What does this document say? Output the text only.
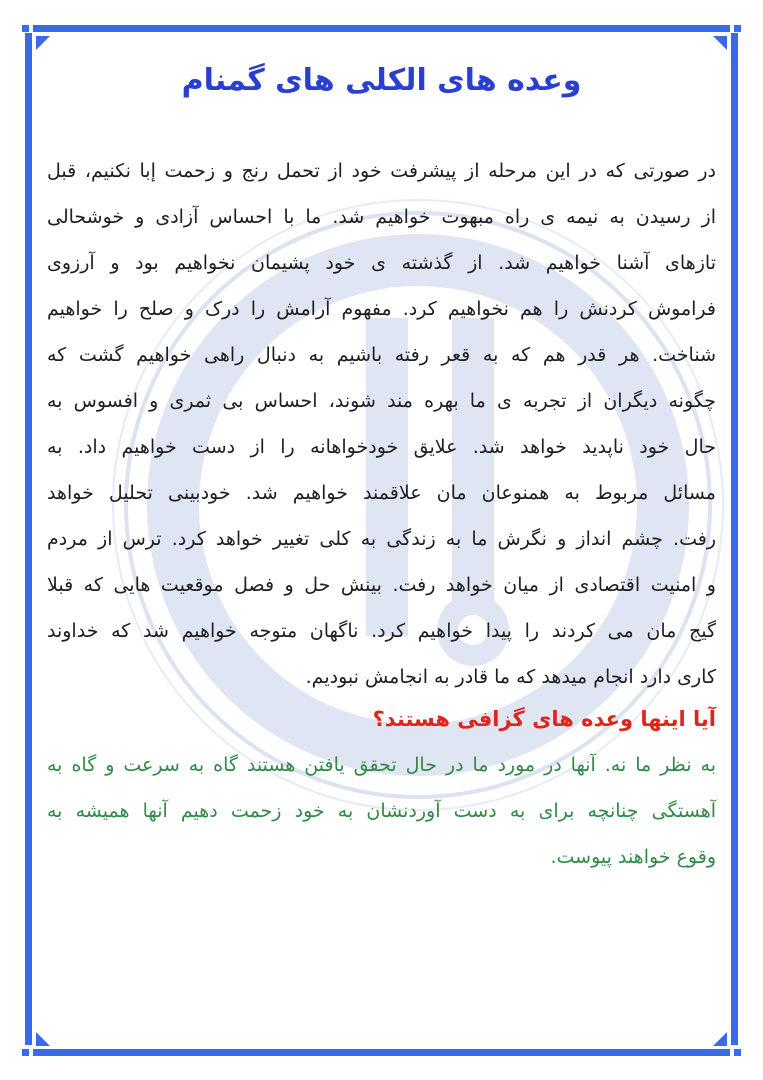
وعده های الکلی های گمنام
در صورتی که در این مرحله از پیشرفت خود از تحمل رنج و زحمت إبا نکنیم، قبل
از رسیدن به نیمه ی راه مبهوت خواهیم شد. ما با احساس آزادی و خوشحالی
تازهای آشنا خواهیم شد. از گذشته ی خود پشیمان نخواهیم بود و آرزوی
فراموش کردنش را هم نخواهیم کرد. مفهوم آرامش را درک و صلح را خواهیم
شناخت. هر قدر هم که به قعر رفته باشیم به دنبال راهی خواهیم گشت که
چگونه دیگران از تجربه ی ما بهره مند شوند، احساس بی ثمری و افسوس به
حال خود ناپدید خواهد شد. علایق خودخواهانه را از دست خواهیم داد. به
مسائل مربوط به همنوعان مان علاقمند خواهیم شد. خودبینی تحلیل خواهد
رفت. چشم انداز و نگرش ما به زندگی به کلی تغییر خواهد کرد. ترس از مردم
و امنیت اقتصادی از میان خواهد رفت. بینش حل و فصل موقعیت هایی که قبلا
گیج مان می کردند را پیدا خواهیم کرد. ناگهان متوجه خواهیم شد که خداوند
کاری دارد انجام میدهد که ما قادر به انجامش نبودیم.
آیا اینها وعده های گزافی هستند؟
به نظر ما نه. آنها در مورد ما در حال تحقق یافتن هستند گاه به سرعت و گاه به
آهستگی چنانچه برای به دست آوردنشان به خود زحمت دهیم آنها همیشه به
وقوع خواهند پیوست.
